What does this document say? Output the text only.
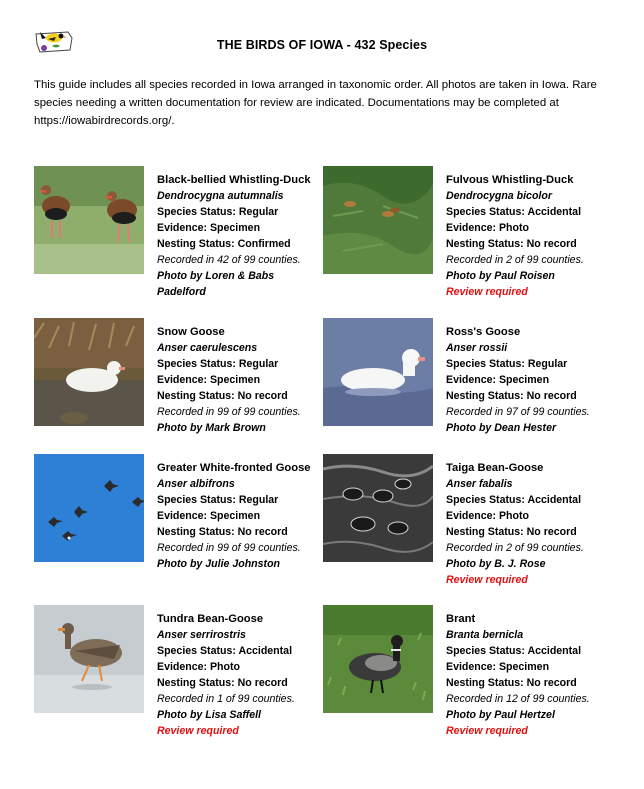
THE BIRDS OF IOWA - 432 Species
This guide includes all species recorded in Iowa arranged in taxonomic order. All photos are taken in Iowa. Rare species needing a written documentation for review are indicated. Documentations may be completed at https://iowabirdrecords.org/.
Black-bellied Whistling-Duck
Dendrocygna autumnalis
Species Status: Regular
Evidence: Specimen
Nesting Status: Confirmed
Recorded in 42 of 99 counties.
Photo by Loren & Babs Padelford
Fulvous Whistling-Duck
Dendrocygna bicolor
Species Status: Accidental
Evidence: Photo
Nesting Status: No record
Recorded in 2 of 99 counties.
Photo by Paul Roisen
Review required
Snow Goose
Anser caerulescens
Species Status: Regular
Evidence: Specimen
Nesting Status: No record
Recorded in 99 of 99 counties.
Photo by Mark Brown
Ross's Goose
Anser rossii
Species Status: Regular
Evidence: Specimen
Nesting Status: No record
Recorded in 97 of 99 counties.
Photo by Dean Hester
Greater White-fronted Goose
Anser albifrons
Species Status: Regular
Evidence: Specimen
Nesting Status: No record
Recorded in 99 of 99 counties.
Photo by Julie Johnston
Taiga Bean-Goose
Anser fabalis
Species Status: Accidental
Evidence: Photo
Nesting Status: No record
Recorded in 2 of 99 counties.
Photo by B. J. Rose
Review required
Tundra Bean-Goose
Anser serrirostris
Species Status: Accidental
Evidence: Photo
Nesting Status: No record
Recorded in 1 of 99 counties.
Photo by Lisa Saffell
Review required
Brant
Branta bernicla
Species Status: Accidental
Evidence: Specimen
Nesting Status: No record
Recorded in 12 of 99 counties.
Photo by Paul Hertzel
Review required
